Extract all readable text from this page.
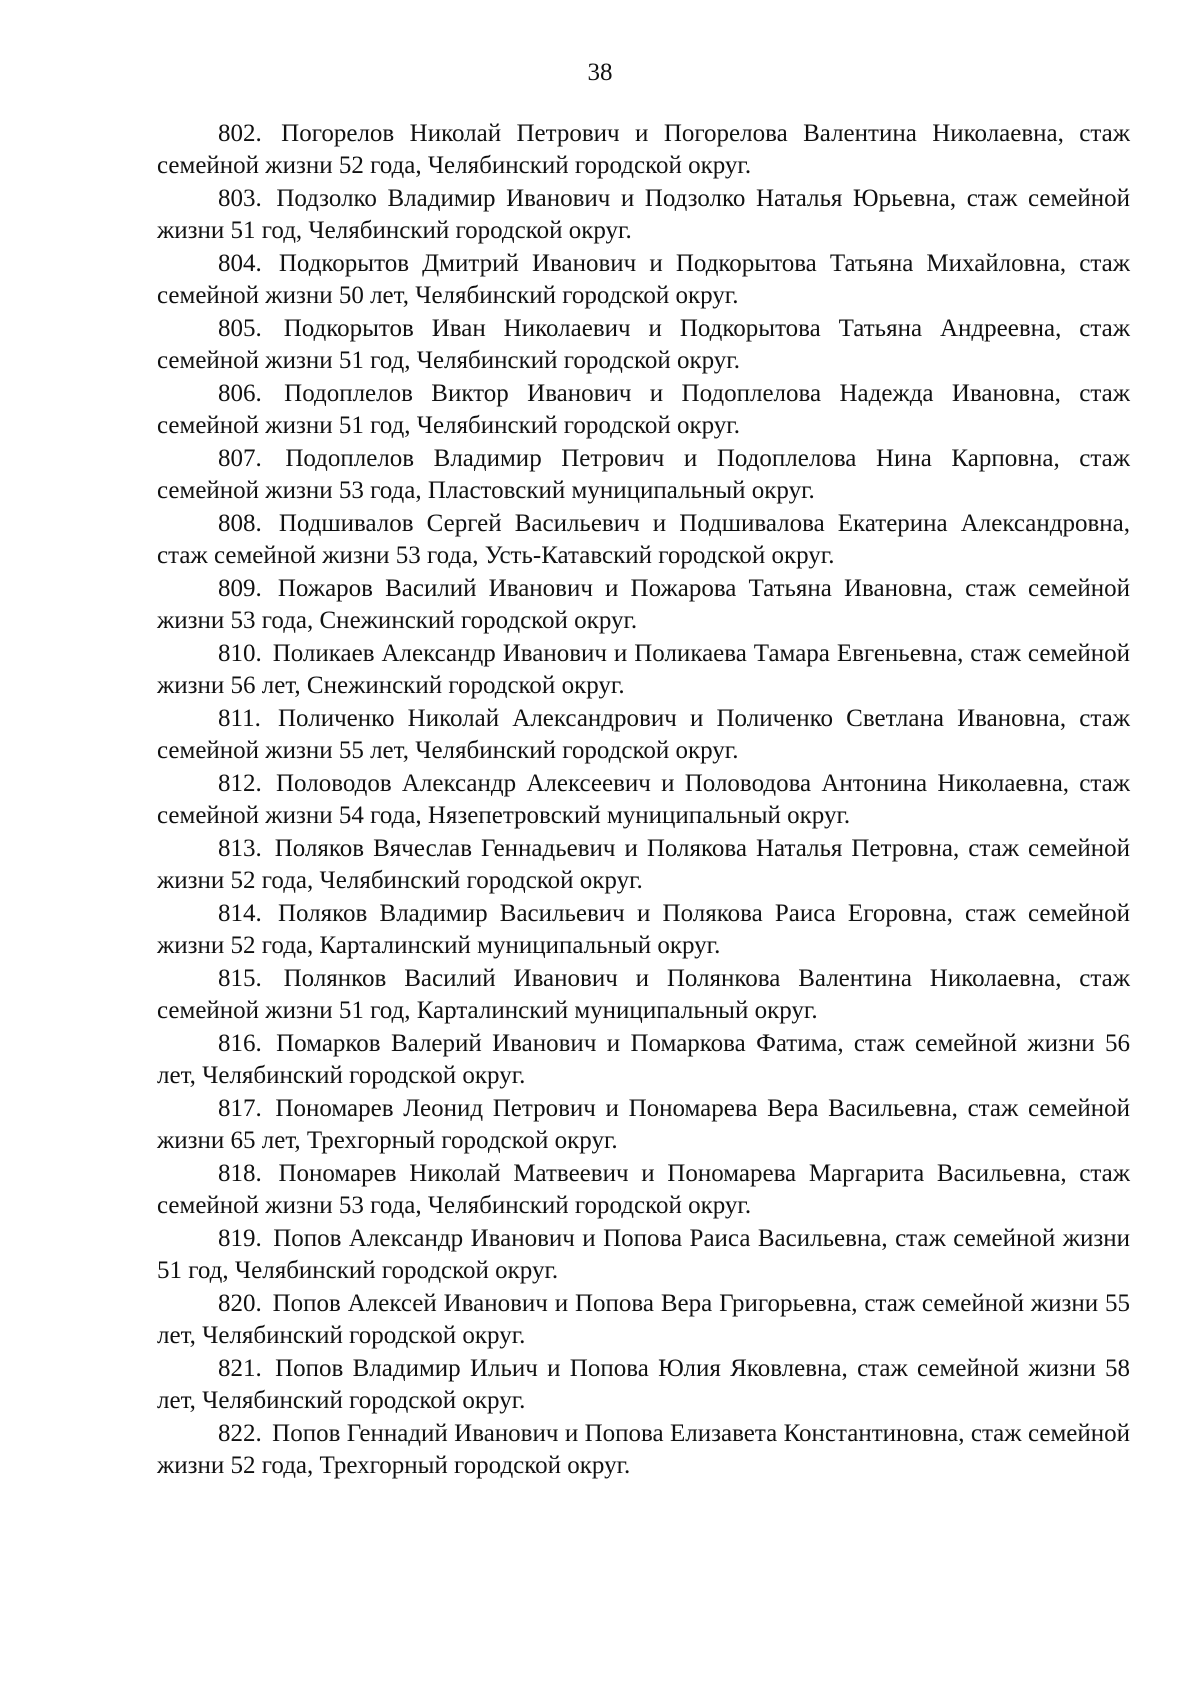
38

802. Погорелов Николай Петрович и Погорелова Валентина Николаевна, стаж семейной жизни 52 года, Челябинский городской округ.

803. Подзолко Владимир Иванович и Подзолко Наталья Юрьевна, стаж семейной жизни 51 год, Челябинский городской округ.

804. Подкорытов Дмитрий Иванович и Подкорытова Татьяна Михайловна, стаж семейной жизни 50 лет, Челябинский городской округ.

805. Подкорытов Иван Николаевич и Подкорытова Татьяна Андреевна, стаж семейной жизни 51 год, Челябинский городской округ.

806. Подоплелов Виктор Иванович и Подоплелова Надежда Ивановна, стаж семейной жизни 51 год, Челябинский городской округ.

807. Подоплелов Владимир Петрович и Подоплелова Нина Карповна, стаж семейной жизни 53 года, Пластовский муниципальный округ.

808. Подшивалов Сергей Васильевич и Подшивалова Екатерина Александровна, стаж семейной жизни 53 года, Усть-Катавский городской округ.

809. Пожаров Василий Иванович и Пожарова Татьяна Ивановна, стаж семейной жизни 53 года, Снежинский городской округ.

810. Поликаев Александр Иванович и Поликаева Тамара Евгеньевна, стаж семейной жизни 56 лет, Снежинский городской округ.

811. Поличенко Николай Александрович и Поличенко Светлана Ивановна, стаж семейной жизни 55 лет, Челябинский городской округ.

812. Половодов Александр Алексеевич и Половодова Антонина Николаевна, стаж семейной жизни 54 года, Нязепетровский муниципальный округ.

813. Поляков Вячеслав Геннадьевич и Полякова Наталья Петровна, стаж семейной жизни 52 года, Челябинский городской округ.

814. Поляков Владимир Васильевич и Полякова Раиса Егоровна, стаж семейной жизни 52 года, Карталинский муниципальный округ.

815. Полянков Василий Иванович и Полянкова Валентина Николаевна, стаж семейной жизни 51 год, Карталинский муниципальный округ.

816. Помарков Валерий Иванович и Помаркова Фатима, стаж семейной жизни 56 лет, Челябинский городской округ.

817. Пономарев Леонид Петрович и Пономарева Вера Васильевна, стаж семейной жизни 65 лет, Трехгорный городской округ.

818. Пономарев Николай Матвеевич и Пономарева Маргарита Васильевна, стаж семейной жизни 53 года, Челябинский городской округ.

819. Попов Александр Иванович и Попова Раиса Васильевна, стаж семейной жизни 51 год, Челябинский городской округ.

820. Попов Алексей Иванович и Попова Вера Григорьевна, стаж семейной жизни 55 лет, Челябинский городской округ.

821. Попов Владимир Ильич и Попова Юлия Яковлевна, стаж семейной жизни 58 лет, Челябинский городской округ.

822. Попов Геннадий Иванович и Попова Елизавета Константиновна, стаж семейной жизни 52 года, Трехгорный городской округ.
